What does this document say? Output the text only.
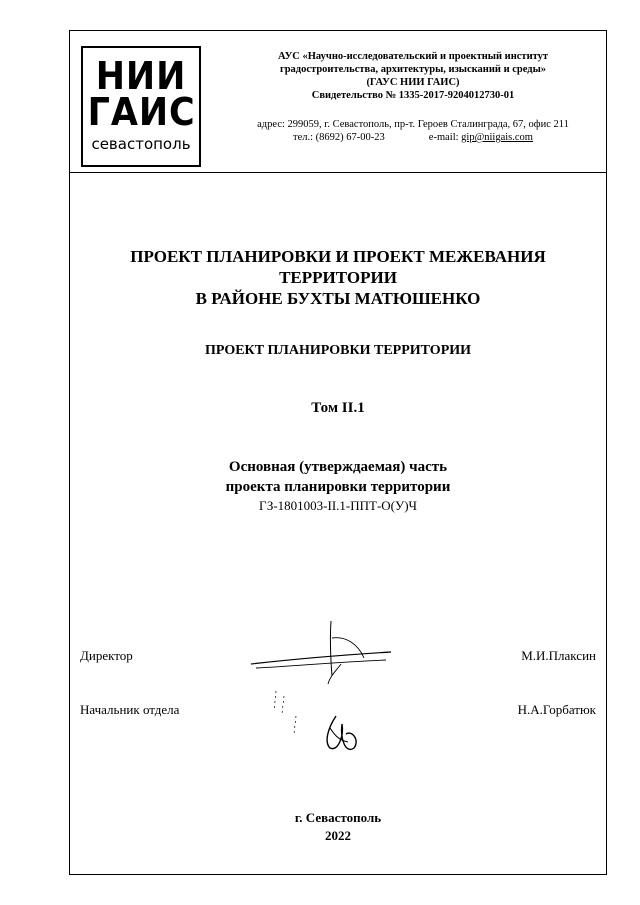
НИИ
ГАИС
севастополь
АУС «Научно-исследовательский и проектный институт
градостроительства, архитектуры, изысканий и среды»
(ГАУС НИИ ГАИС)
Свидетельство № 1335-2017-9204012730-01
адрес: 299059, г. Севастополь, пр-т. Героев Сталинграда, 67, офис 211
тел.: (8692) 67-00-23	e-mail: gip@niigais.com
ПРОЕКТ ПЛАНИРОВКИ И ПРОЕКТ МЕЖЕВАНИЯ ТЕРРИТОРИИ
В РАЙОНЕ БУХТЫ МАТЮШЕНКО
ПРОЕКТ ПЛАНИРОВКИ ТЕРРИТОРИИ
Том II.1
Основная (утверждаемая) часть
проекта планировки территории
ГЗ-1801003-II.1-ППТ-О(У)Ч
Директор	М.И.Плаксин
Начальник отдела	Н.А.Горбатюк
г. Севастополь
2022
